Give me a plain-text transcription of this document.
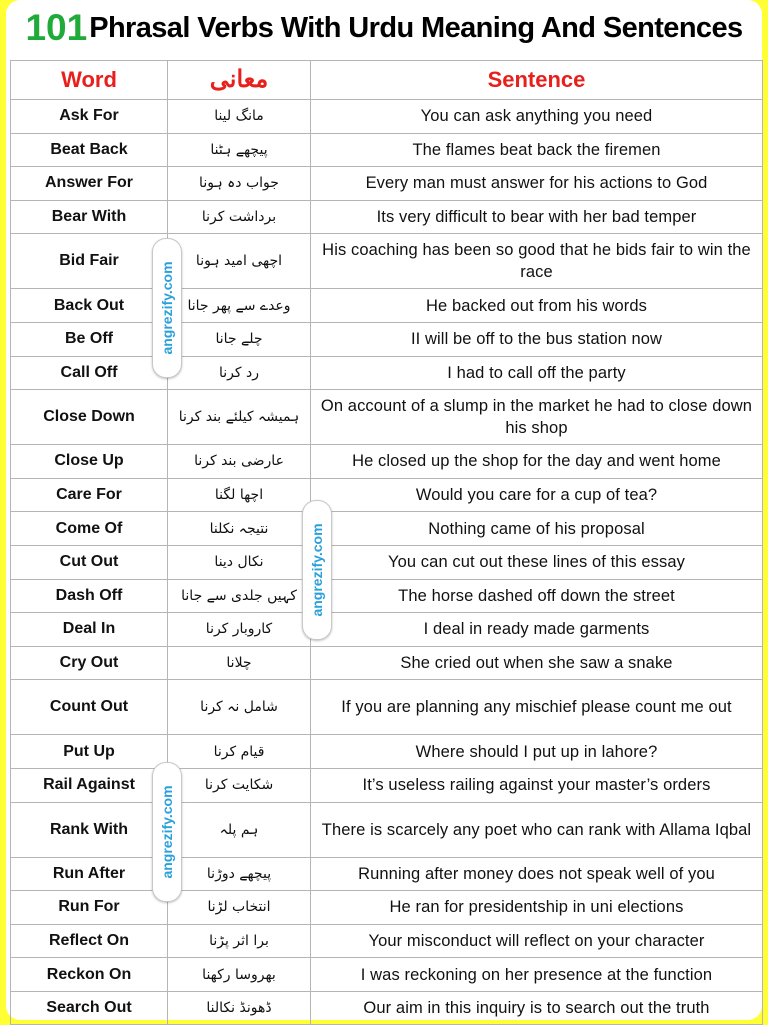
101 Phrasal Verbs With Urdu Meaning And Sentences
Word	معانی	Sentence
Ask For	مانگ لینا	You can ask anything you need
Beat Back	پیچھے ہٹنا	The flames beat back the firemen
Answer For	جواب دہ ہونا	Every man must answer for his actions to God
Bear With	برداشت کرنا	Its very difficult to bear with her bad temper
Bid Fair	اچھی امید ہونا	His coaching has been so good that he bids fair to win the race
Back Out	وعدے سے پھر جانا	He backed out from his words
Be Off	چلے جانا	II will be off to the bus station now
Call Off	رد کرنا	I had to call off the party
Close Down	ہمیشہ کیلئے بند کرنا	On account of a slump in the market he had to close down his shop
Close Up	عارضی بند کرنا	He closed up the shop for the day and went home
Care For	اچھا لگنا	Would you care for a cup of tea?
Come Of	نتیجہ نکلنا	Nothing came of his proposal
Cut Out	نکال دینا	You can cut out these lines of this essay
Dash Off	کہیں جلدی سے جانا	The horse dashed off down the street
Deal In	کاروبار کرنا	I deal in ready made garments
Cry Out	چلانا	She cried out when she saw a snake
Count Out	شامل نہ کرنا	If you are planning any mischief please count me out
Put Up	قیام کرنا	Where should I put up in lahore?
Rail Against	شکایت کرنا	It’s useless railing against your master’s orders
Rank With	ہم پلہ	There is scarcely any poet who can rank with Allama Iqbal
Run After	پیچھے دوڑنا	Running after money does not speak well of you
Run For	انتخاب لڑنا	He ran for presidentship in uni elections
Reflect On	برا اثر پڑنا	Your misconduct will reflect on your character
Reckon On	بھروسا رکھنا	I was reckoning on her presence at the function
Search Out	ڈھونڈ نکالنا	Our aim in this inquiry is to search out the truth
angrezify.com
angrezify.com
angrezify.com
